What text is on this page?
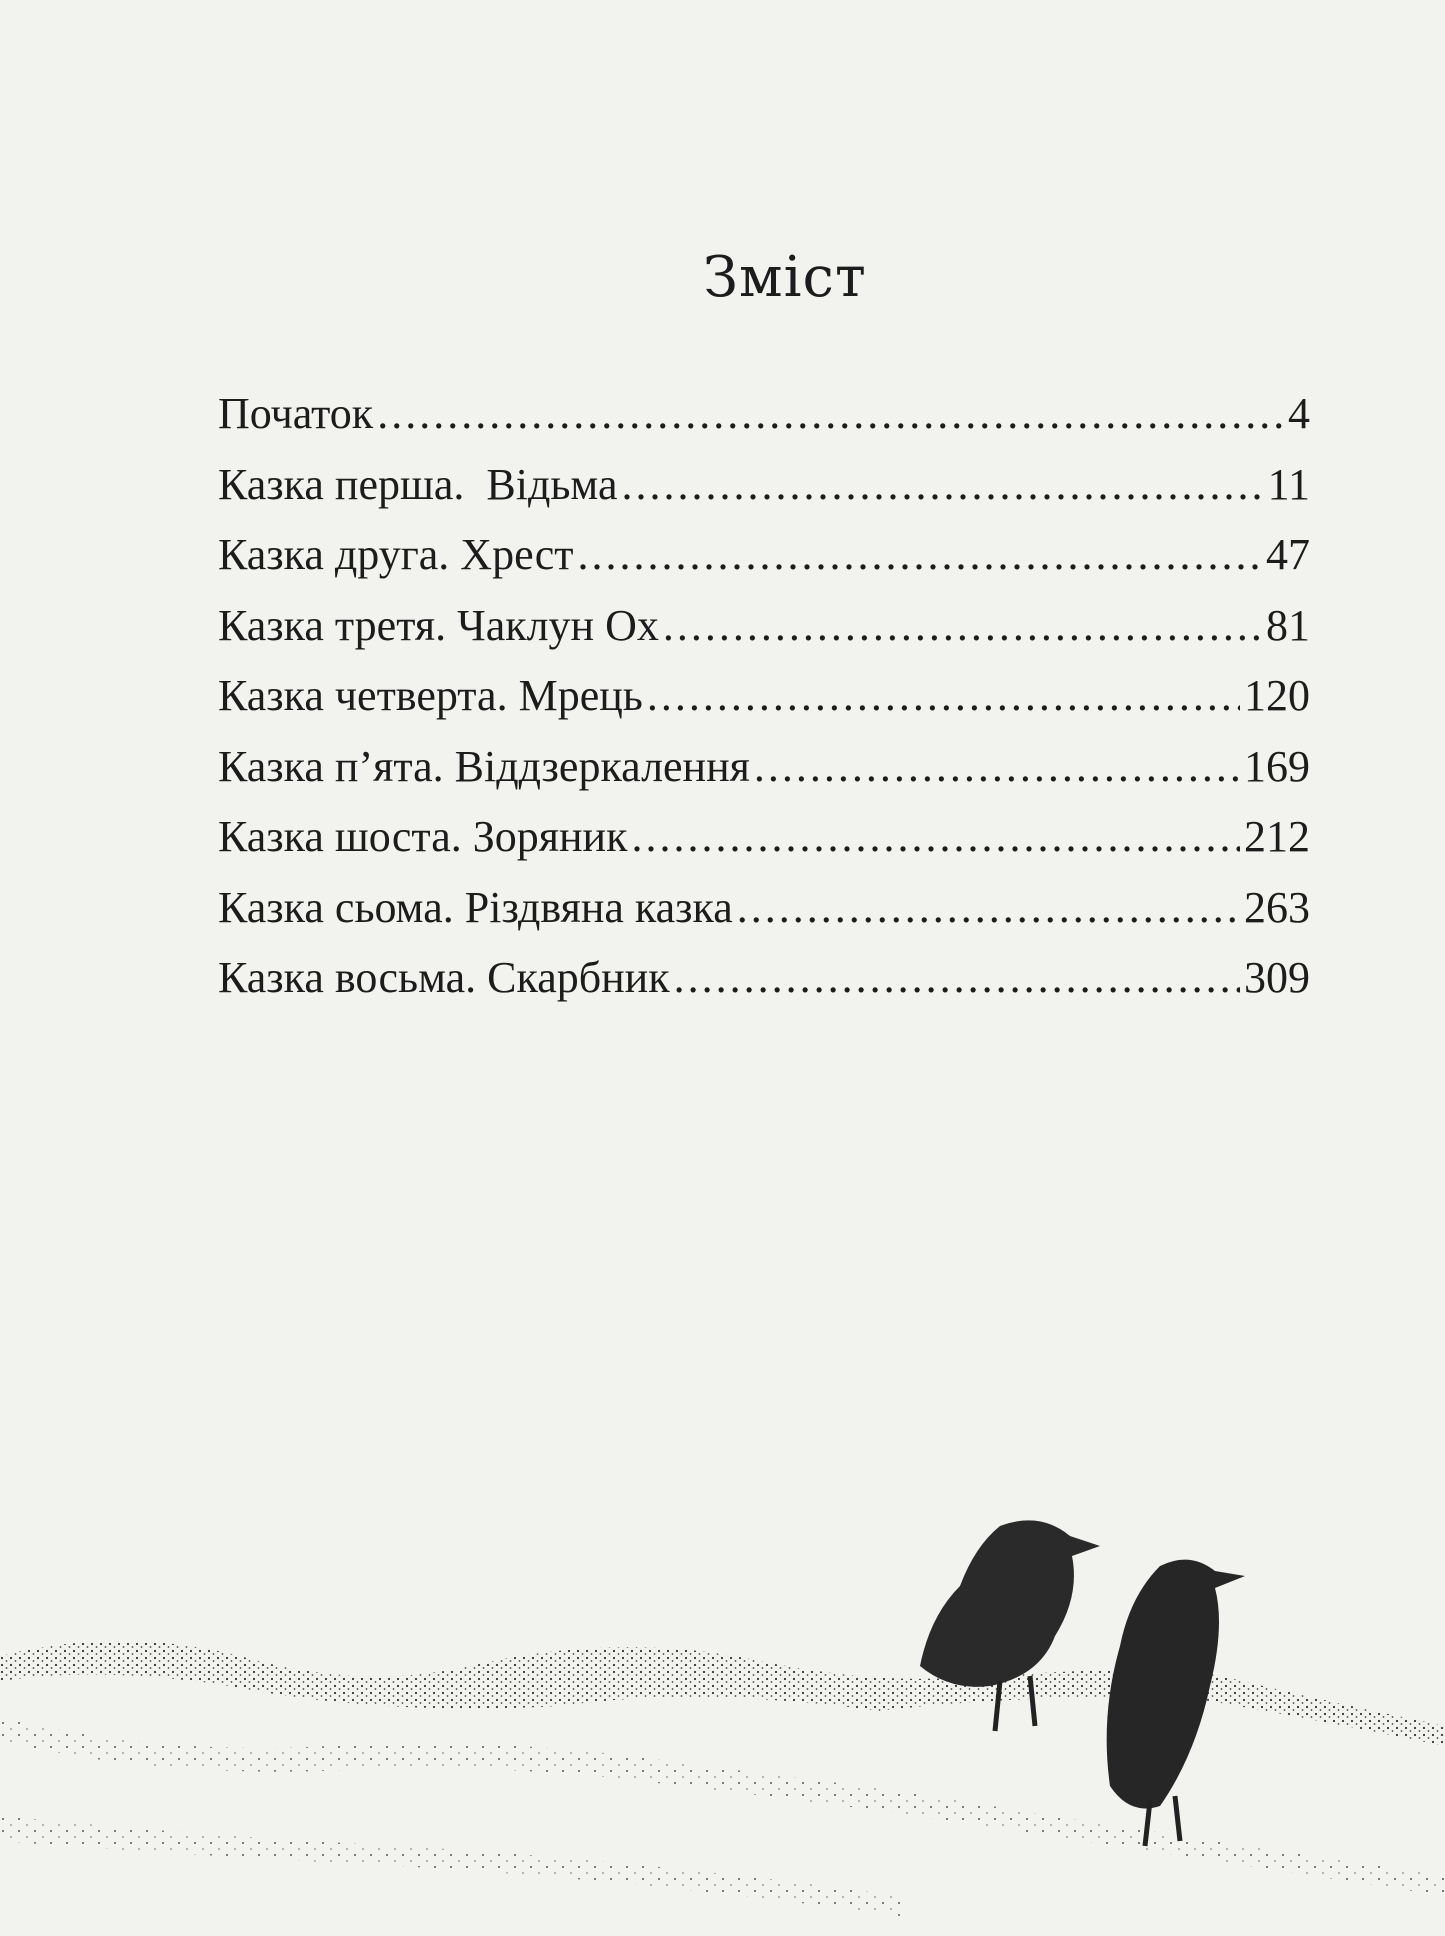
Зміст
Початок .....	4
Казка перша.  Відьма .....	11
Казка друга. Хрест .....	47
Казка третя. Чаклун Ох .....	81
Казка четверта. Мрець .....	120
Казка п’ята. Віддзеркалення .....	169
Казка шоста. Зоряник .....	212
Казка сьома. Різдвяна казка .....	263
Казка восьма. Скарбник .....	309
